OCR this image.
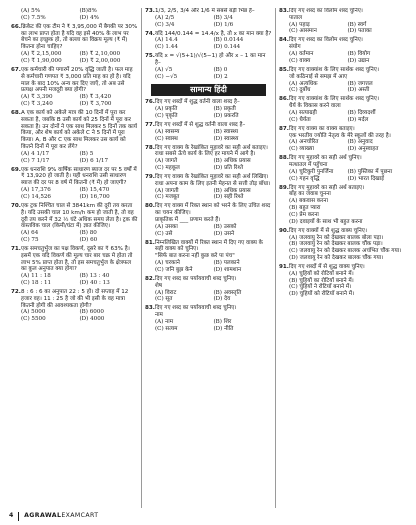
(A) 5%	(B)8%
(C) 7.5%	(D) 4%
66. क्रिकेट की एक टीम ने ₹ 3,95,000 में बैगकी पर 30% का लाभ प्राप्त होता है यदि वह इसे 40% के लाभ पर बेचने का इच्छुक हो, तो बल्ला का विक्रय मूल्य (₹ में) कितना होना चाहिए?
(A) ₹ 2,15,000	(B) ₹ 2,10,000
(C) ₹ 1,90,000	(D) ₹ 2,00,000
67. एक कर्मचारी की पगारमें 20% वृद्धि जाती है। फल माह से कर्मचारी गणपत ₹ 3,000 प्रति माह का हो है। यदि माल के बाद 10% अन्य कर दिए जाएँ, तो अब उसे प्रत्यक्ष अपनी मजदूरी क्या होगी?
(A) ₹ 3,390	(B) ₹ 3,420
(C) ₹ 3,240	(D) ₹ 3,700
68. A एक कार्य को अकेले मात्र की 10 दिनों में पूरा कर सकता है, जबकि B उसी कार्य को 25 दिनों में पूरा कर सकता है। उन दोनों ने एक साथ मिलकर 5 दिनों तक कार्य किया, और शेष कार्य को अकेले C ने 5 दिनों में पूरा किया। A, B और C एक साथ मिलकर उस कार्य को कितने दिनों में पूरा कर लेंगे?
(A) 4 1/17	(B) 5
(C) 7 1/17	(D) 6 1/17
69. एक धनराशि 9% वार्षिक साधारण ब्याज दर पर 5 वर्षों में ₹ 13,920 हो जाती है। यही धनराशि उसी साधारण ब्याज की दर पर 8 वर्ष में कितनी (₹ में) हो जाएगी?
(A) 17,376	(B) 15,470
(C) 14,526	(D) 16,700
70. एक ट्रक निश्चित चाल से 3841km की दूरी तय करता है। यदि उसकी चाल 10 km/h कम हो जाती है, तो वह दूरी तय करने में 32 ½ घंटे अधिक समय लेता है। ट्रक की वास्तविक चाल (किमी/घंटा में) ज्ञात कीजिए।
(A) 64	(B) 80
(C) 75	(D) 60
71. एक समचतुर्भुज का पक्ष विकर्ण, दूसरे का ₹ 63% है। इसमें एक यदि विकर्ण की मूल्य चार बार चक्र मे होता तो लाभ 5% प्राप्त होता है, तो इस समचतुर्भुज के क्षेत्रफल का कुल अनुपात क्या होगा?
(A) 11 : 18	(B) 13 : 40
(C) 18 : 11	(D) 40 : 13
72. 8 : 6 : 6 का अनुपात 22 : 5 हो। दो सप्ताह में 12 हजार वह। 11 : 25 है जो की भी इसी के वह मात्रा कितनी होगी की आवश्यकता होगी?
(A) 5000	(B) 6000
(C) 5500	(D) 4000
73. 1/3, 2/5, 3/4 और 1/6 में सबसे बड़ी भिन्न है–
(A) 2/5	(B) 3/4
(C) 3/4	(D) 1/6
74. यदि 144/0.144 = 14.4/x है, तो x का मान क्या है?
(A) 14.4	(B) 0.0144
(C) 1.44	(D) 0.144
75. यदि x = √(5+1)/√(5−1) हो और x – 1 का मान है–
(A) √5	(B) 0
(C) −√5	(D) 2
सामान्य हिंदी
76. दिए गए शब्दों में शुद्ध वर्तनी वाला शब्द है–
(A) प्रकृति	(B) प्रकृती
(C) पृकृति	(D) प्रकरति
77. दिए गए शब्दों में से शुद्ध वर्तनी वाला शब्द है–
(A) स्वसम्य	(B) स्वास्थ्य
(C) स्वास्थ	(D) स्वास्थ्य
78. दिए गए वाक्य के रेखांकित मुहावरे का सही अर्थ बताइए।
राधा सबसे ऊँचे कार्य के लिए हर मायने में आगे है।
(A) जागते	(B) अधिक प्रयास
(C) महकूल	(D) प्रति रिश्ते
79. दिए गए वाक्य के रेखांकित मुहावरे का सही अर्थ लिखिए।
राधा अपना काम के लिए इतनी मेहनत से सत्ती तोड़ बाँधा।
(A) जागती	(B) अधिक प्रयास
(C) मजबूत	(D) सही रिश्ते
80. दिए गए वाक्य में रिक्त स्थान को भरने के लिए उचित शब्द का चयन कीजिए।
प्राकृतिक में ___ प्रणाम करते हैं।
(A) उसका	(B) उसको
(C) उसे	(D) उसने
81. निम्नलिखित वाक्यों में रिक्त स्थान में दिए गए वाक्य के सही वाक्य को चुनिए।
"सिर्फ बात करना नहीं कुछ करे पा पंच"
(A) चरकाने	(B) पलकाने
(C) जनि बुझ केने	(D) शामशान
82. दिए गए शब्द का पर्यायवाची शब्द चुनिए।
शेष
(A) विराट	(B) अवस्तृति
(C) सूत	(D) देव
83. दिए गए शब्द का पर्यायवाची शब्द चुनिए।
नाम
(A) नाम	(B) शिर
(C) सत्यम	(D) नीति
83. दिए गए शब्द का विलोम शब्द चुनिए।
पाताल
(A) पहाड़	(B) स्वर्ग
(C) आसमान	(D) पताका
84. दिए गए शब्द का विलोम शब्द चुनिए।
संयोग
(A) वर्तमान	(B) वियोग
(C) वाक्य	(D) उद्यान
85. दिए गए वाक्यांश के लिए सार्थक शब्द चुनिए।
जो कठिनाई से समझ में आए
(A) अत्यधिक	(B) जगत्तल
(C) दुर्बोध	(D) अस्ती
86. दिए गए वाक्यांश के लिए सार्थक शब्द चुनिए।
धैर्य के विकास करने वाला
(A) सत्याग्रही	(B) दिव्यदर्शी
(C) धैर्यता	(D) मर्दल
87. दिए गए वाक्य का वाक्य बताइए।
एक भरतीय ज्योति नेतृत्व के मेरे स्कूलों की तरह है।
(A) अनचोरित	(B) अनुवाद
(C) व्याख्या	(D) अनुस्वाहत
88. दिए गए मुहावरे का सही अर्थ चुनिए।
मत्थातल में पहुँचना
(A) चुटिकुरी पुनर्जिना	(B) पुस्तिका में पूछना
(C) गहन वृद्धि	(D) भारत दिखाई
89. दिए गए मुहावरे का सही अर्थ बताइए।
बाँह का जवाब चुनना
(A) बकवास करना
(B) बहुत प्यारा
(C) प्रेम करना
(D) दवाइयों के साथ भी बहुत करना
90. दिए गए वाक्यों में से शुद्ध वाक्य चुनिए।
(A) जलवायु रेन को देखकर बालक बोला पड़ा।
(B) जलवायु रेन को देखकर बालक चौंक पड़ा।
(C) जलवायु रेन को देखकर बालक अचंभित चौंक गया।
(D) जलवायु रेन को देखकर बालक चौंक गया।
91. दिए गए शब्दों में से शुद्ध वाक्य चुनिए।
(A) चुहियों को रोटियाँ बनाने में।
(B) चुहियों का रोटियाँ बनाने में।
(C) चुहियों ने रोटियाँ बनाने में।
(D) चुहियों को रोटियाँ बनाने में।
4 AGRAWAL EXAMCART
